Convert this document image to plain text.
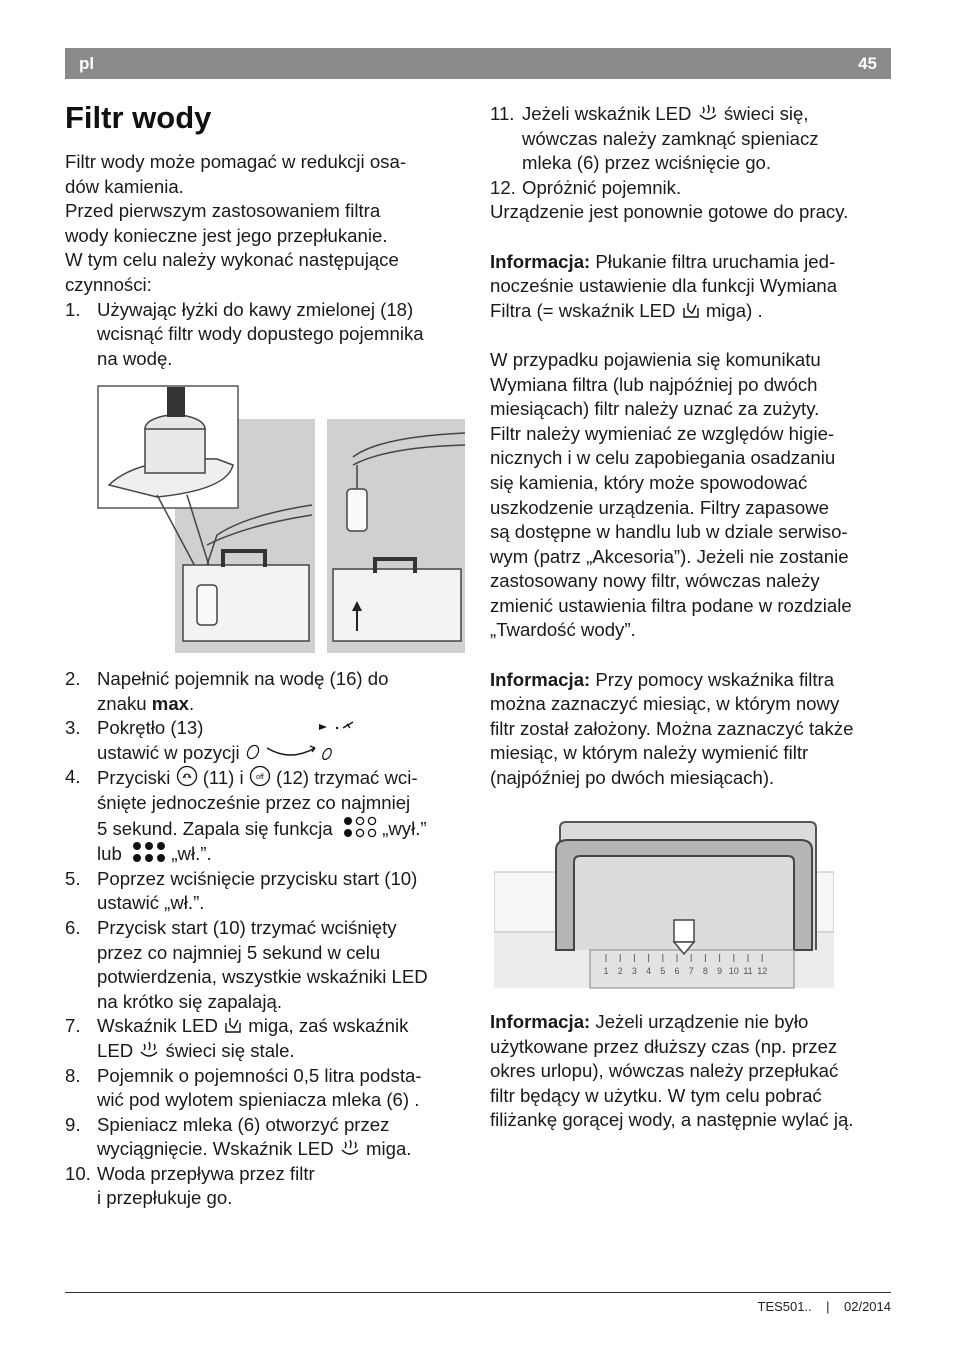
pl	45
Filtr wody
Filtr wody może pomagać w redukcji osa-
dów kamienia.
Przed pierwszym zastosowaniem filtra
wody konieczne jest jego przepłukanie.
W tym celu należy wykonać następujące
czynności:
1. Używając łyżki do kawy zmielonej (18)
wcisnąć filtr wody dopustego pojemnika
na wodę.
2. Napełnić pojemnik na wodę (16) do
znaku max.
3. Pokrętło (13)
ustawić w pozycji
4. Przyciski (11) i off (12) trzymać wci-
śnięte jednocześnie przez co najmniej
5 sekund. Zapala się funkcja	„wył.”
lub	„wł.”.
5. Poprzez wciśnięcie przycisku start (10)
ustawić „wł.”.
6. Przycisk start (10) trzymać wciśnięty
przez co najmniej 5 sekund w celu
potwierdzenia, wszystkie wskaźniki LED
na krótko się zapalają.
7. Wskaźnik LED miga, zaś wskaźnik
LED świeci się stale.
8. Pojemnik o pojemności 0,5 litra podsta-
wić pod wylotem spieniacza mleka (6) .
9. Spieniacz mleka (6) otworzyć przez
wyciągnięcie. Wskaźnik LED miga.
10. Woda przepływa przez filtr
i przepłukuje go.
11. Jeżeli wskaźnik LED świeci się,
wówczas należy zamknąć spieniacz
mleka (6) przez wciśnięcie go.
12. Opróżnić pojemnik.
Urządzenie jest ponownie gotowe do pracy.
Informacja: Płukanie filtra uruchamia jed-
nocześnie ustawienie dla funkcji Wymiana
Filtra (= wskaźnik LED miga) .
W przypadku pojawienia się komunikatu
Wymiana filtra (lub najpóźniej po dwóch
miesiącach) filtr należy uznać za zużyty.
Filtr należy wymieniać ze względów higie-
nicznych i w celu zapobiegania osadzaniu
się kamienia, który może spowodować
uszkodzenie urządzenia. Filtry zapasowe
są dostępne w handlu lub w dziale serwiso-
wym (patrz „Akcesoria”). Jeżeli nie zostanie
zastosowany nowy filtr, wówczas należy
zmienić ustawienia filtra podane w rozdziale
„Twardość wody”.
Informacja: Przy pomocy wskaźnika filtra
można zaznaczyć miesiąc, w którym nowy
filtr został założony. Można zaznaczyć także
miesiąc, w którym należy wymienić filtr
(najpóźniej po dwóch miesiącach).
1 2 3 4 5 6 7 8 9 10 11 12
Informacja: Jeżeli urządzenie nie było
użytkowane przez dłuższy czas (np. przez
okres urlopu), wówczas należy przepłukać
filtr będący w użytku. W tym celu pobrać
filiżankę gorącej wody, a następnie wylać ją.
TES501.. | 02/2014
